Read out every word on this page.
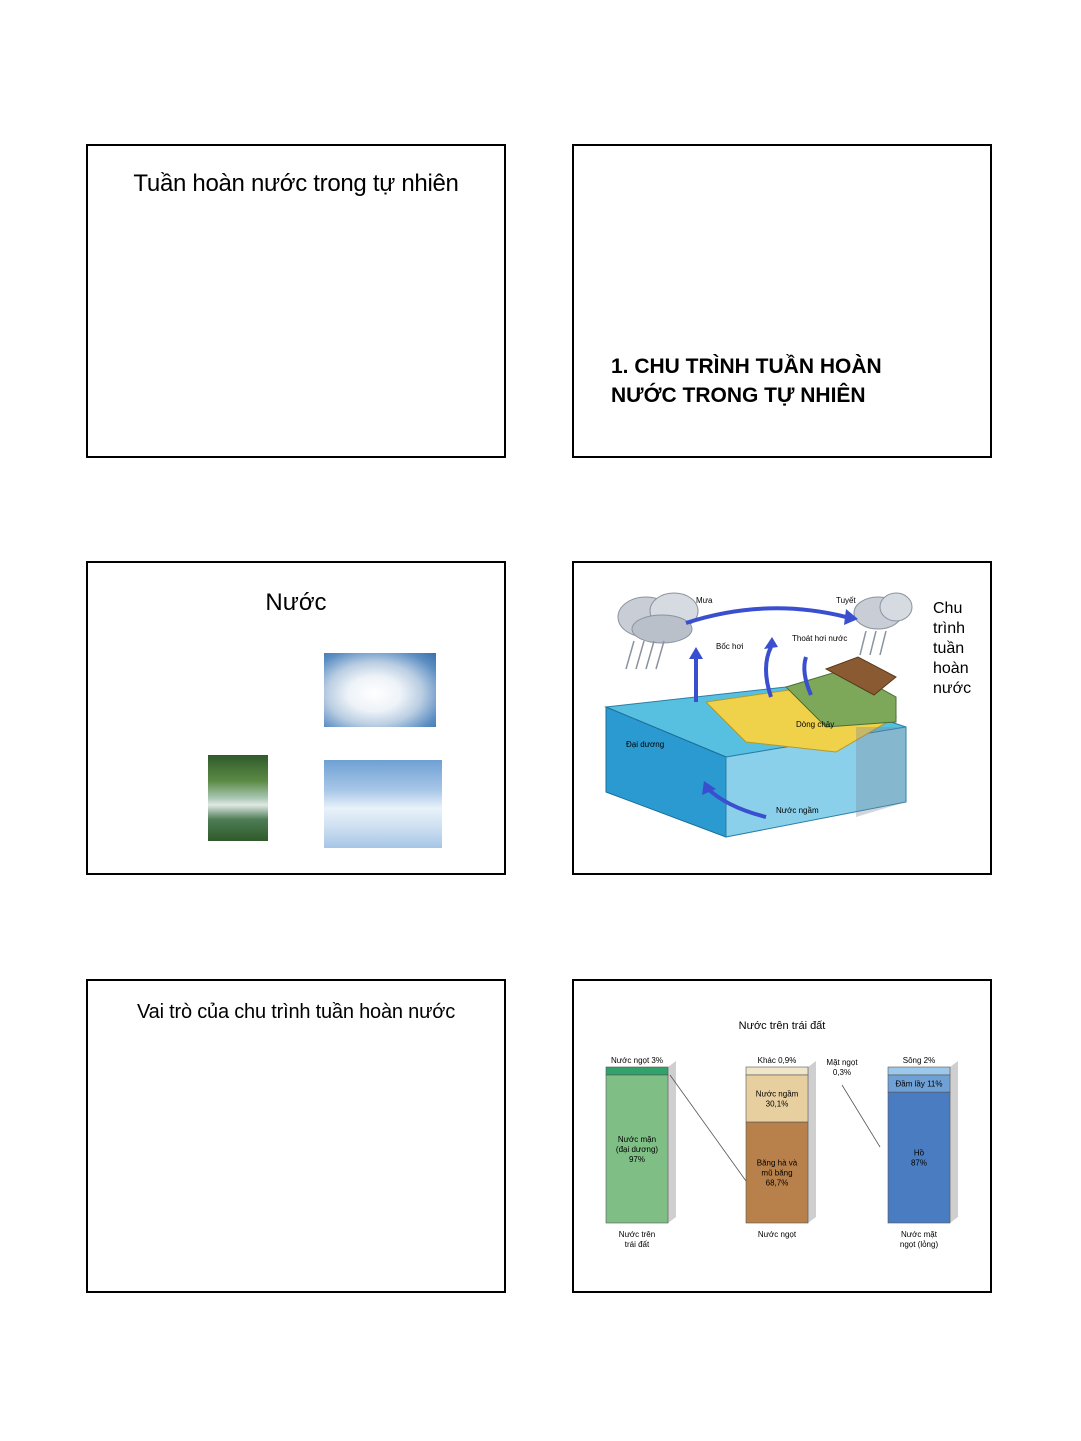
Tuần hoàn nước trong tự nhiên
1. CHU TRÌNH TUẦN HOÀN
NƯỚC TRONG TỰ NHIÊN
Nước	Mưa	Tuyết
Bốc hơi
Thoát hơi nước
Dòng chảy
Nước ngầm
Đại dương
Chu
trình
tuần
hoàn
nước
Vai trò của chu trình tuần hoàn nước
Nước trên trái đất
Nước ngọt 3%
Nước mặn
(đại dương)
97%
Nước trên
trái đất
Khác 0,9%
Nước ngầm
30,1%
Băng hà và
mũ băng
68,7%
Nước ngọt
Sông 2%
Đầm lầy 11%
Hồ
87%
Nước mặt
ngọt (lỏng)
Mặt ngọt
0,3%
